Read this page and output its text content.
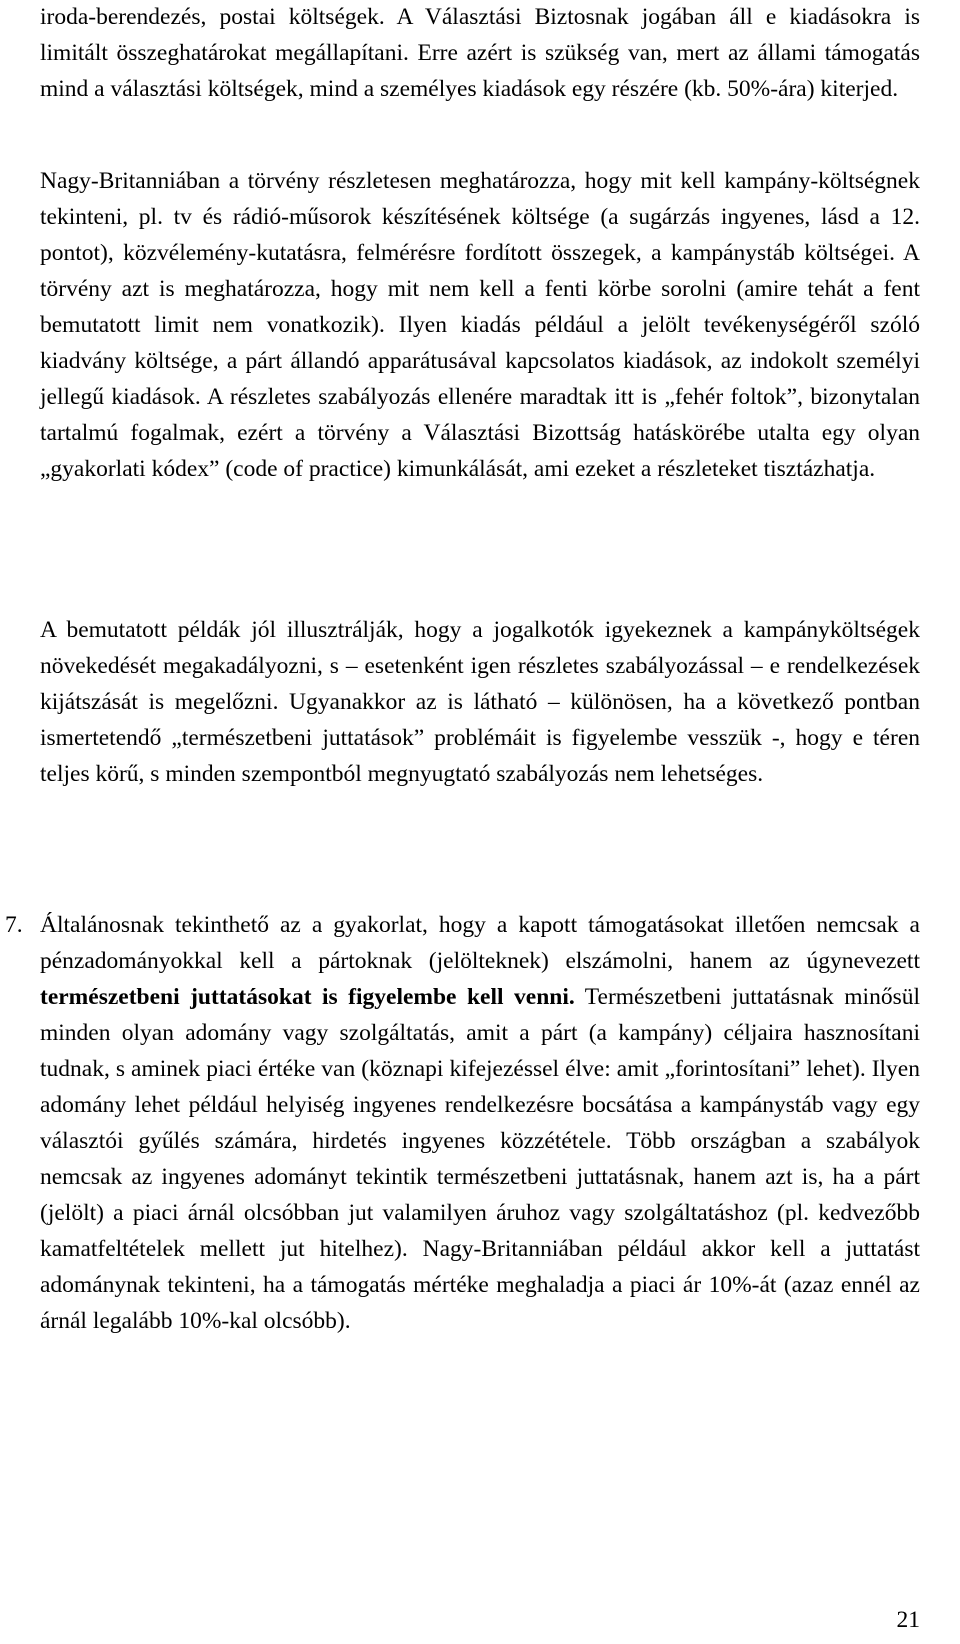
iroda-berendezés, postai költségek. A Választási Biztosnak jogában áll e kiadásokra is limitált összeghatárokat megállapítani. Erre azért is szükség van, mert az állami támogatás mind a választási költségek, mind a személyes kiadások egy részére (kb. 50%-ára) kiterjed.

Nagy-Britanniában a törvény részletesen meghatározza, hogy mit kell kampány-költségnek tekinteni, pl. tv és rádió-műsorok készítésének költsége (a sugárzás ingyenes, lásd a 12. pontot), közvélemény-kutatásra, felmérésre fordított összegek, a kampánystáb költségei. A törvény azt is meghatározza, hogy mit nem kell a fenti körbe sorolni (amire tehát a fent bemutatott limit nem vonatkozik). Ilyen kiadás például a jelölt tevékenységéről szóló kiadvány költsége, a párt állandó apparátusával kapcsolatos kiadások, az indokolt személyi jellegű kiadások. A részletes szabályozás ellenére maradtak itt is „fehér foltok”, bizonytalan tartalmú fogalmak, ezért a törvény a Választási Bizottság hatáskörébe utalta egy olyan „gyakorlati kódex” (code of practice) kimunkálását, ami ezeket a részleteket tisztázhatja.

A bemutatott példák jól illusztrálják, hogy a jogalkotók igyekeznek a kampányköltségek növekedését megakadályozni, s – esetenként igen részletes szabályozással – e rendelkezések kijátszását is megelőzni. Ugyanakkor az is látható – különösen, ha a következő pontban ismertetendő „természetbeni juttatások” problémáit is figyelembe vesszük -, hogy e téren teljes körű, s minden szempontból megnyugtató szabályozás nem lehetséges.

7. Általánosnak tekinthető az a gyakorlat, hogy a kapott támogatásokat illetően nemcsak a pénzadományokkal kell a pártoknak (jelölteknek) elszámolni, hanem az úgynevezett természetbeni juttatásokat is figyelembe kell venni. Természetbeni juttatásnak minősül minden olyan adomány vagy szolgáltatás, amit a párt (a kampány) céljaira hasznosítani tudnak, s aminek piaci értéke van (köznapi kifejezéssel élve: amit „forintosítani” lehet). Ilyen adomány lehet például helyiség ingyenes rendelkezésre bocsátása a kampánystáb vagy egy választói gyűlés számára, hirdetés ingyenes közzététele. Több országban a szabályok nemcsak az ingyenes adományt tekintik természetbeni juttatásnak, hanem azt is, ha a párt (jelölt) a piaci árnál olcsóbban jut valamilyen áruhoz vagy szolgáltatáshoz (pl. kedvezőbb kamatfeltételek mellett jut hitelhez). Nagy-Britanniában például akkor kell a juttatást adománynak tekinteni, ha a támogatás mértéke meghaladja a piaci ár 10%-át (azaz ennél az árnál legalább 10%-kal olcsóbb).

21
